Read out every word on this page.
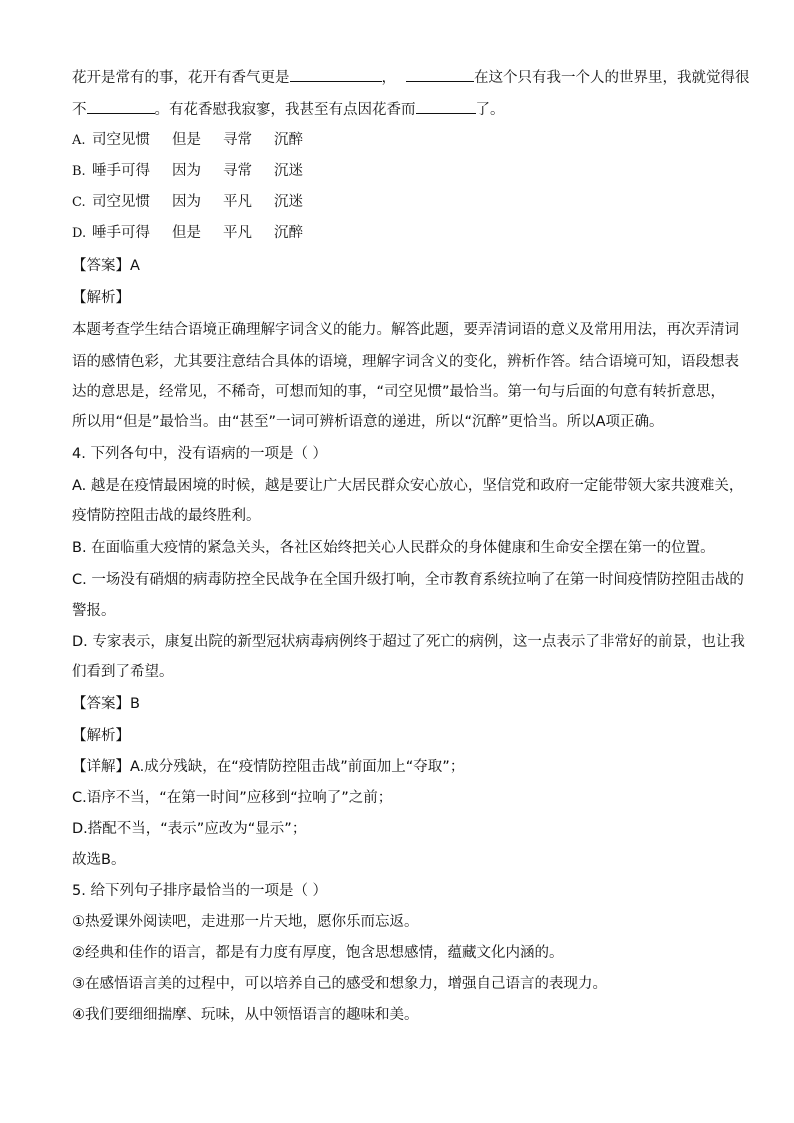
花开是常有的事，花开有香气更是	，	在这个只有我一个人的世界里，我就觉得很
不	。有花香慰我寂寥，我甚至有点因花香而	了。
A. 司空见惯 但是 寻常 沉醉
B. 唾手可得 因为 寻常 沉迷
C. 司空见惯 因为 平凡 沉迷
D. 唾手可得 但是 平凡 沉醉
【答案】A
【解析】
本题考查学生结合语境正确理解字词含义的能力。解答此题，要弄清词语的意义及常用用法，再次弄清词
语的感情色彩，尤其要注意结合具体的语境，理解字词含义的变化，辨析作答。结合语境可知，语段想表
达的意思是，经常见，不稀奇，可想而知的事，“司空见惯”最恰当。第一句与后面的句意有转折意思，
所以用“但是”最恰当。由“甚至”一词可辨析语意的递进，所以“沉醉”更恰当。所以A项正确。
4. 下列各句中，没有语病的一项是（ ）
A. 越是在疫情最困境的时候，越是要让广大居民群众安心放心，坚信党和政府一定能带领大家共渡难关，
疫情防控阻击战的最终胜利。
B. 在面临重大疫情的紧急关头，各社区始终把关心人民群众的身体健康和生命安全摆在第一的位置。
C. 一场没有硝烟的病毒防控全民战争在全国升级打响，全市教育系统拉响了在第一时间疫情防控阻击战的
警报。
D. 专家表示，康复出院的新型冠状病毒病例终于超过了死亡的病例，这一点表示了非常好的前景，也让我
们看到了希望。
【答案】B
【解析】
【详解】A.成分残缺，在“疫情防控阻击战”前面加上“夺取”；
C.语序不当，“在第一时间”应移到“拉响了”之前；
D.搭配不当，“表示”应改为“显示”；
故选B。
5. 给下列句子排序最恰当的一项是（ ）
①热爱课外阅读吧，走进那一片天地，愿你乐而忘返。
②经典和佳作的语言，都是有力度有厚度，饱含思想感情，蕴藏文化内涵的。
③在感悟语言美的过程中，可以培养自己的感受和想象力，增强自己语言的表现力。
④我们要细细揣摩、玩味，从中领悟语言的趣味和美。
